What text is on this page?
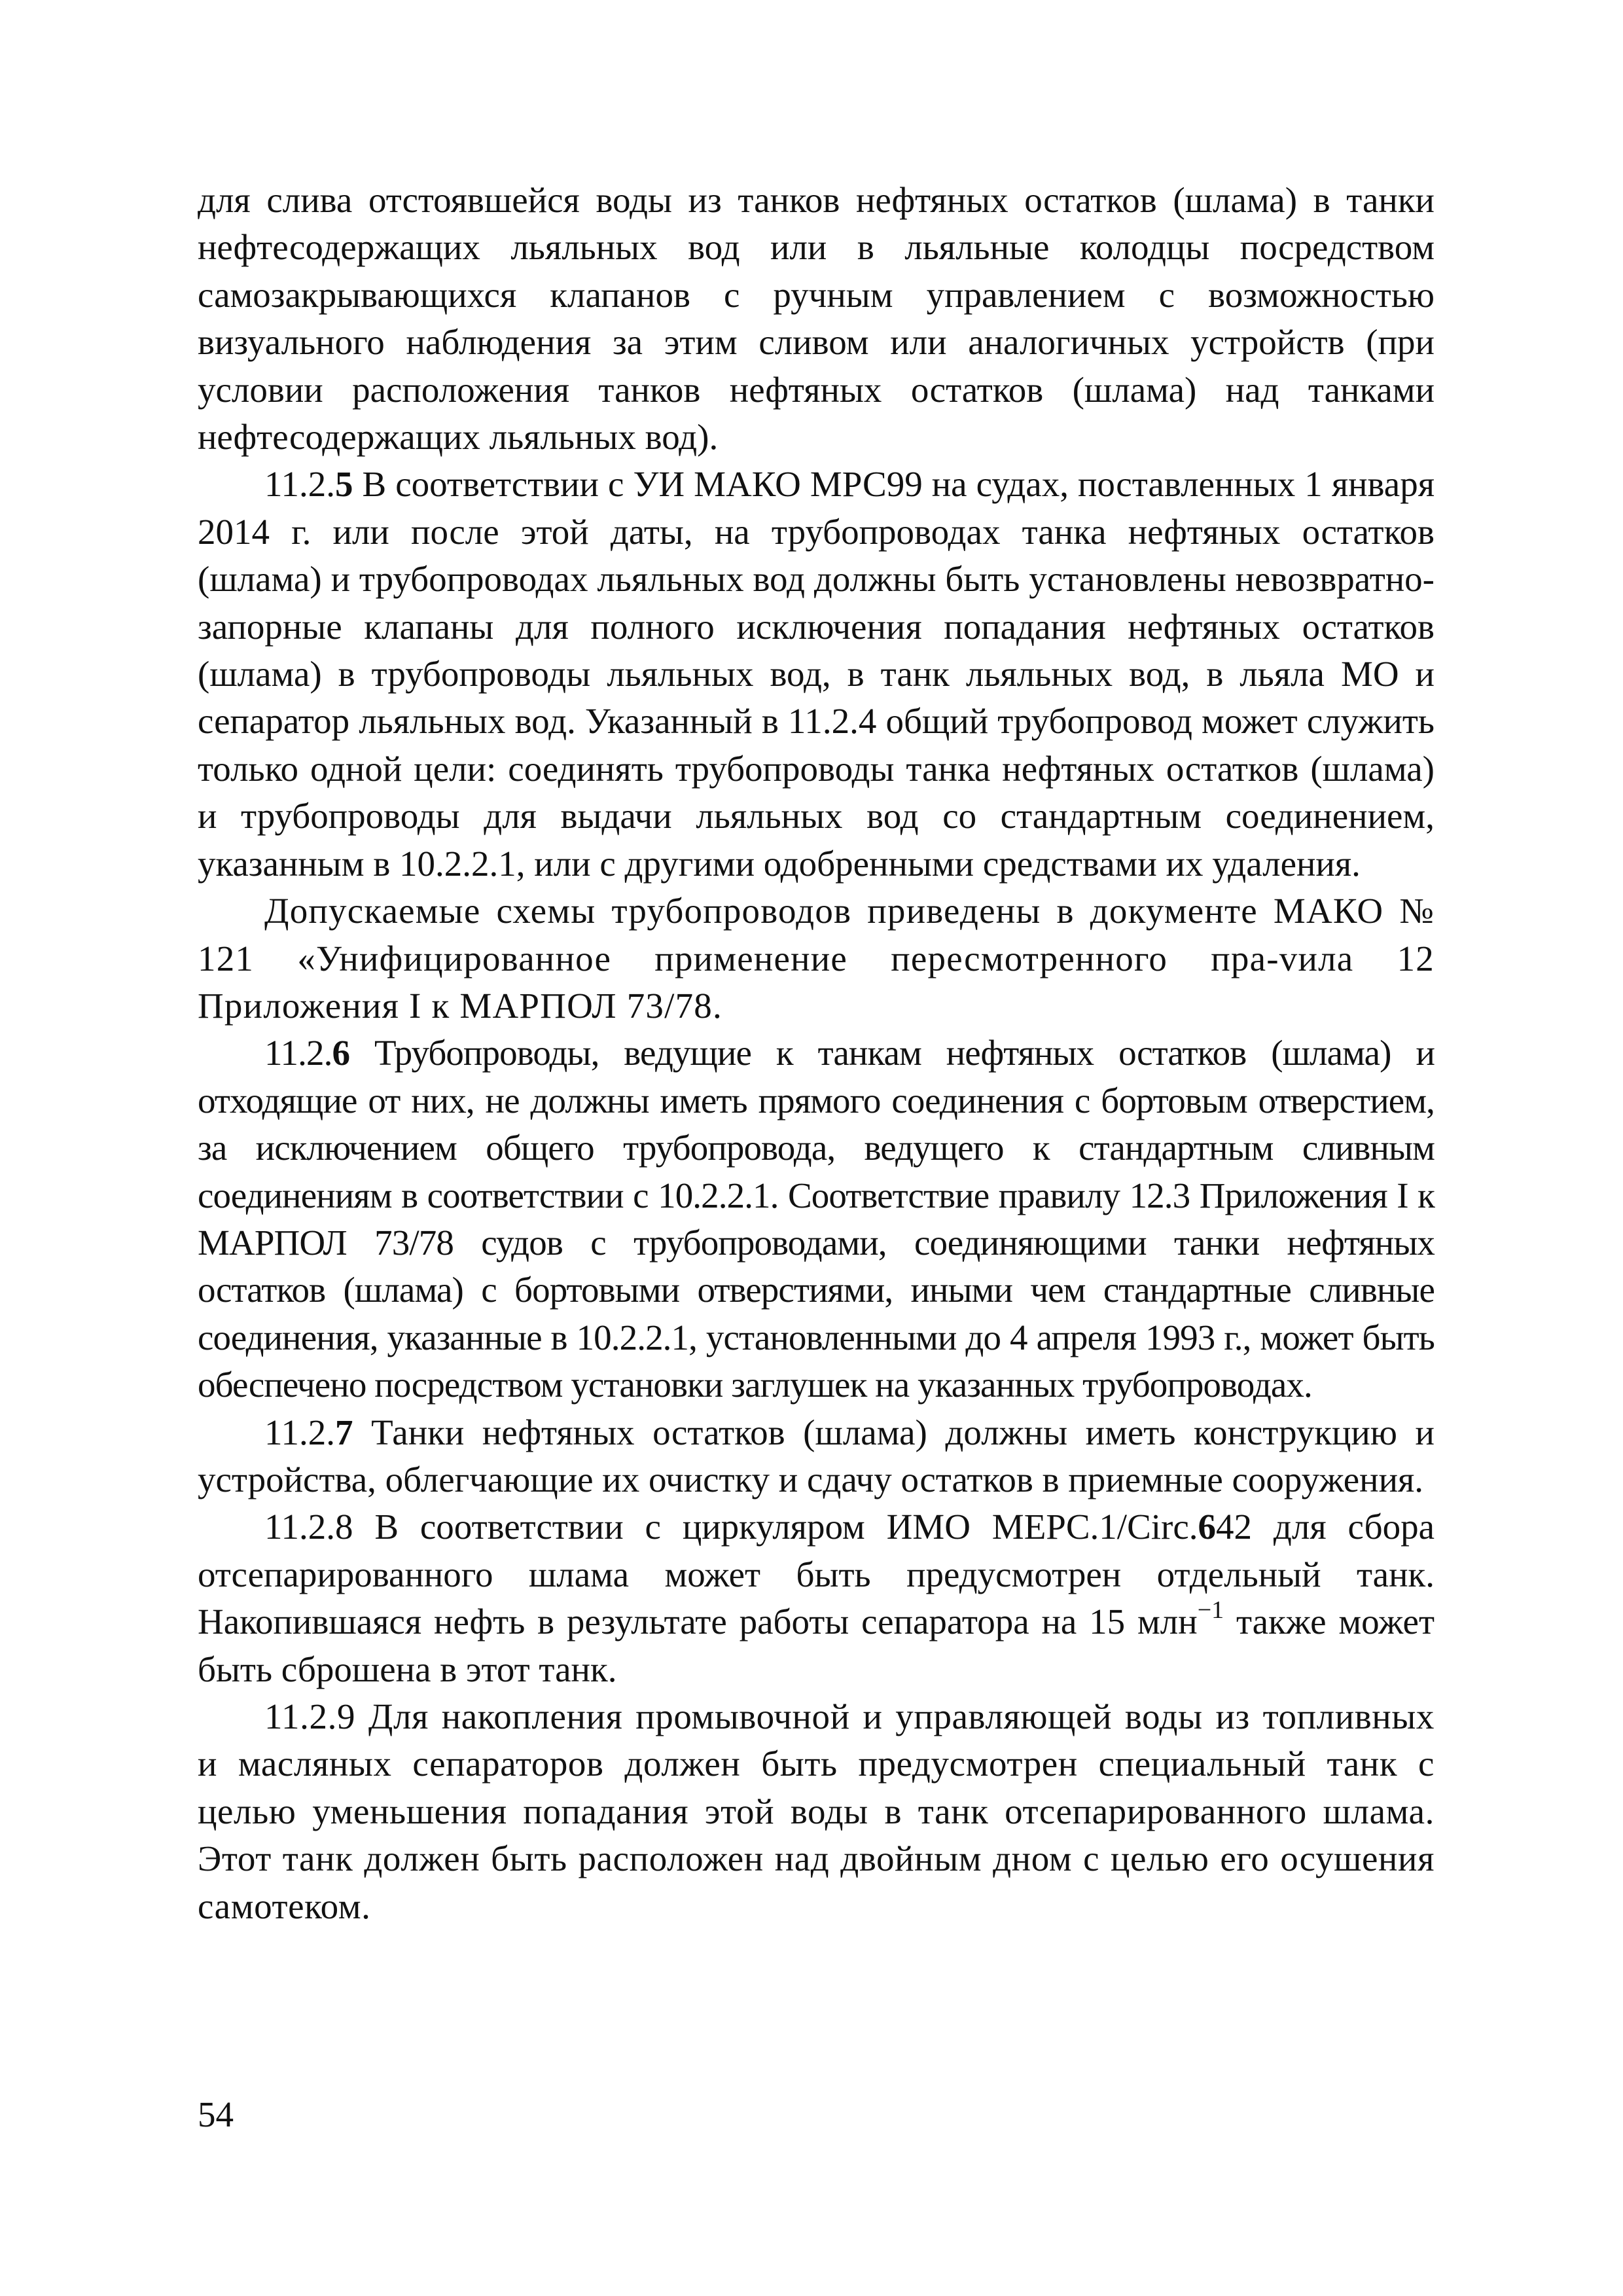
для слива отстоявшейся воды из танков нефтяных остатков (шлама) в танки нефтесодержащих льяльных вод или в льяльные колодцы посредством самозакрывающихся клапанов с ручным управлением с возможностью визуального наблюдения за этим сливом или аналогичных устройств (при условии расположения танков нефтяных остатков (шлама) над танками нефтесодержащих льяльных вод).

11.2.5 В соответствии с УИ МАКО МРС99 на судах, поставленных 1 января 2014 г. или после этой даты, на трубопроводах танка нефтяных остатков (шлама) и трубопроводах льяльных вод должны быть установлены невозвратно-запорные клапаны для полного исключения попадания нефтяных остатков (шлама) в трубопроводы льяльных вод, в танк льяльных вод, в льяла МО и сепаратор льяльных вод. Указанный в 11.2.4 общий трубопровод может служить только одной цели: соединять трубопроводы танка нефтяных остатков (шлама) и трубопроводы для выдачи льяльных вод со стандартным соединением, указанным в 10.2.2.1, или с другими одобренными средствами их удаления.

Допускаемые схемы трубопроводов приведены в документе МАКО № 121 «Унифицированное применение пересмотренного пра-vила 12 Приложения I к МАРПОЛ 73/78.

11.2.6 Трубопроводы, ведущие к танкам нефтяных остатков (шлама) и отходящие от них, не должны иметь прямого соединения с бортовым отверстием, за исключением общего трубопровода, ведущего к стандартным сливным соединениям в соответствии с 10.2.2.1. Соответствие правилу 12.3 Приложения I к МАРПОЛ 73/78 судов с трубопроводами, соединяющими танки нефтяных остатков (шлама) с бортовыми отверстиями, иными чем стандартные сливные соединения, указанные в 10.2.2.1, установленными до 4 апреля 1993 г., может быть обеспечено посредством установки заглушек на указанных трубопроводах.

11.2.7 Танки нефтяных остатков (шлама) должны иметь конструкцию и устройства, облегчающие их очистку и сдачу остатков в приемные сооружения.

11.2.8 В соответствии с циркуляром ИМО MEPC.1/Circ.642 для сбора отсепарированного шлама может быть предусмотрен отдельный танк. Накопившаяся нефть в результате работы сепаратора на 15 млн$^{-1}$ также может быть сброшена в этот танк.

11.2.9 Для накопления промывочной и управляющей воды из топливных и масляных сепараторов должен быть предусмотрен специальный танк с целью уменьшения попадания этой воды в танк отсепарированного шлама. Этот танк должен быть расположен над двойным дном с целью его осушения самотеком.

54
